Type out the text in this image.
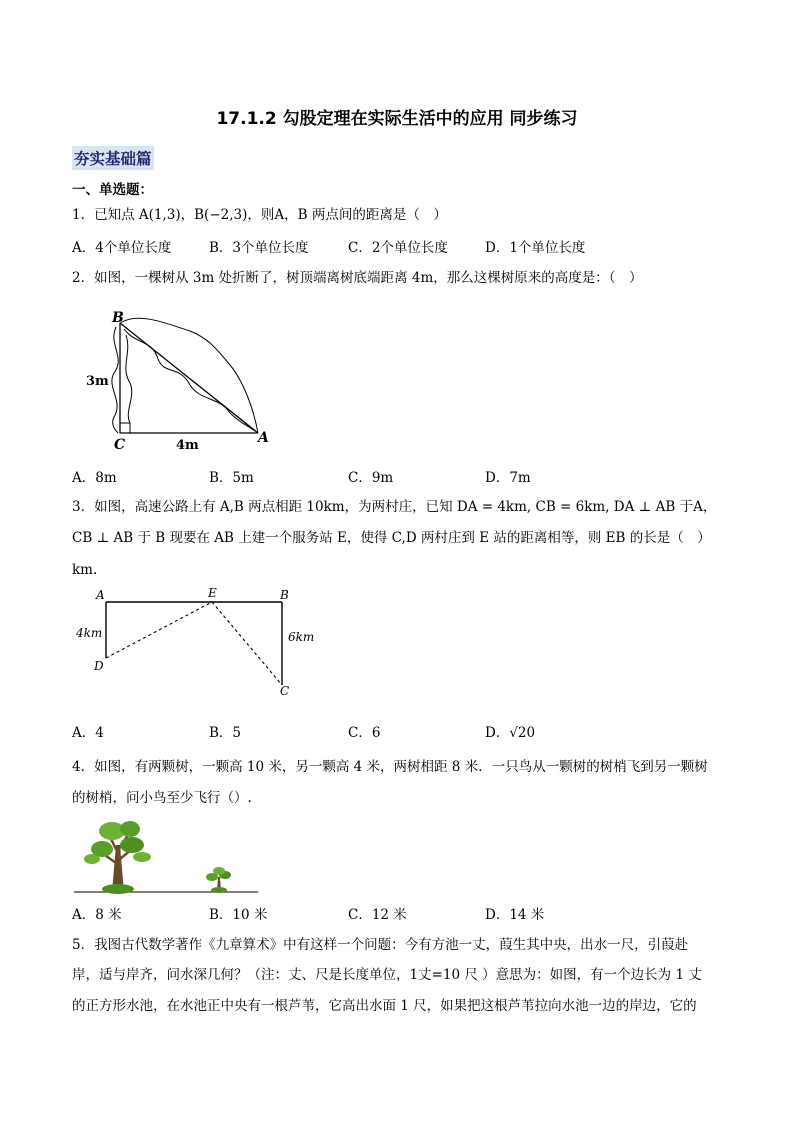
17.1.2 勾股定理在实际生活中的应用 同步练习
夯实基础篇
一、单选题：
1．已知点 A(1,3)，B(−2,3)，则A，B 两点间的距离是（　）
A．4个单位长度	B．3个单位长度	C．2个单位长度	D．1个单位长度
2．如图，一棵树从 3m 处折断了，树顶端离树底端距离 4m，那么这棵树原来的高度是：（　）
B
C	A
3m
4m
A．8m	B．5m	C．9m	D．7m
3．如图，高速公路上有 A,B 两点相距 10km，为两村庄，已知 DA = 4km, CB = 6km, DA ⊥ AB 于A，
CB ⊥ AB 于 B 现要在 AB 上建一个服务站 E，使得 C,D 两村庄到 E 站的距离相等，则 EB 的长是（　）
km.
A	E	B
D
C
4km	6km
A．4	B．5	C．6	D．√20
4．如图，有两颗树，一颗高 10 米，另一颗高 4 米，两树相距 8 米．一只鸟从一颗树的树梢飞到另一颗树
的树梢，问小鸟至少飞行（）.
A．8 米	B．10 米	C．12 米	D．14 米
5．我图古代数学著作《九章算术》中有这样一个问题：今有方池一丈，葭生其中央，出水一尺，引葭赴
岸，适与岸齐，问水深几何？（注：丈、尺是长度单位，1丈=10 尺 ）意思为：如图，有一个边长为 1 丈
的正方形水池，在水池正中央有一根芦苇，它高出水面 1 尺，如果把这根芦苇拉向水池一边的岸边，它的
